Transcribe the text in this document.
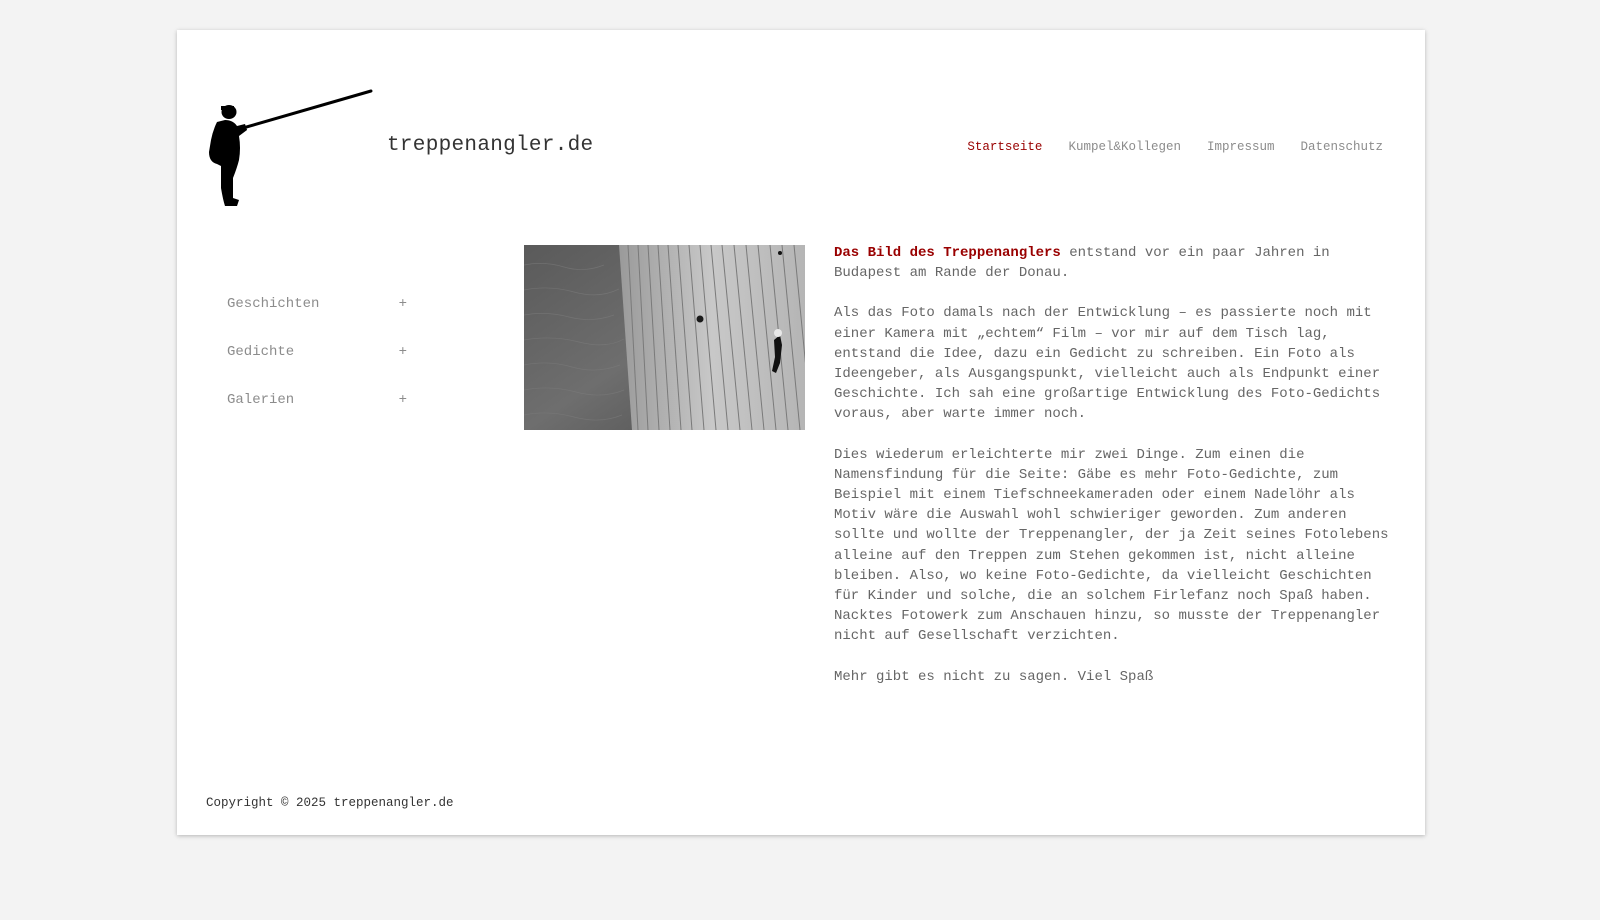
treppenangler.de	Startseite Kumpel&Kollegen Impressum Datenschutz
Geschichten	+
Gedichte	+
Galerien	+

Das Bild des Treppenanglers entstand vor ein paar Jahren in Budapest am Rande der Donau.

Als das Foto damals nach der Entwicklung – es passierte noch mit einer Kamera mit „echtem“ Film – vor mir auf dem Tisch lag, entstand die Idee, dazu ein Gedicht zu schreiben. Ein Foto als Ideengeber, als Ausgangspunkt, vielleicht auch als Endpunkt einer Geschichte. Ich sah eine großartige Entwicklung des Foto-Gedichts voraus, aber warte immer noch.

Dies wiederum erleichterte mir zwei Dinge. Zum einen die Namensfindung für die Seite: Gäbe es mehr Foto-Gedichte, zum Beispiel mit einem Tiefschneekameraden oder einem Nadelöhr als Motiv wäre die Auswahl wohl schwieriger geworden. Zum anderen sollte und wollte der Treppenangler, der ja Zeit seines Fotolebens alleine auf den Treppen zum Stehen gekommen ist, nicht alleine bleiben. Also, wo keine Foto-Gedichte, da vielleicht Geschichten für Kinder und solche, die an solchem Firlefanz noch Spaß haben. Nacktes Fotowerk zum Anschauen hinzu, so musste der Treppenangler nicht auf Gesellschaft verzichten.

Mehr gibt es nicht zu sagen. Viel Spaß

Copyright © 2025 treppenangler.de
